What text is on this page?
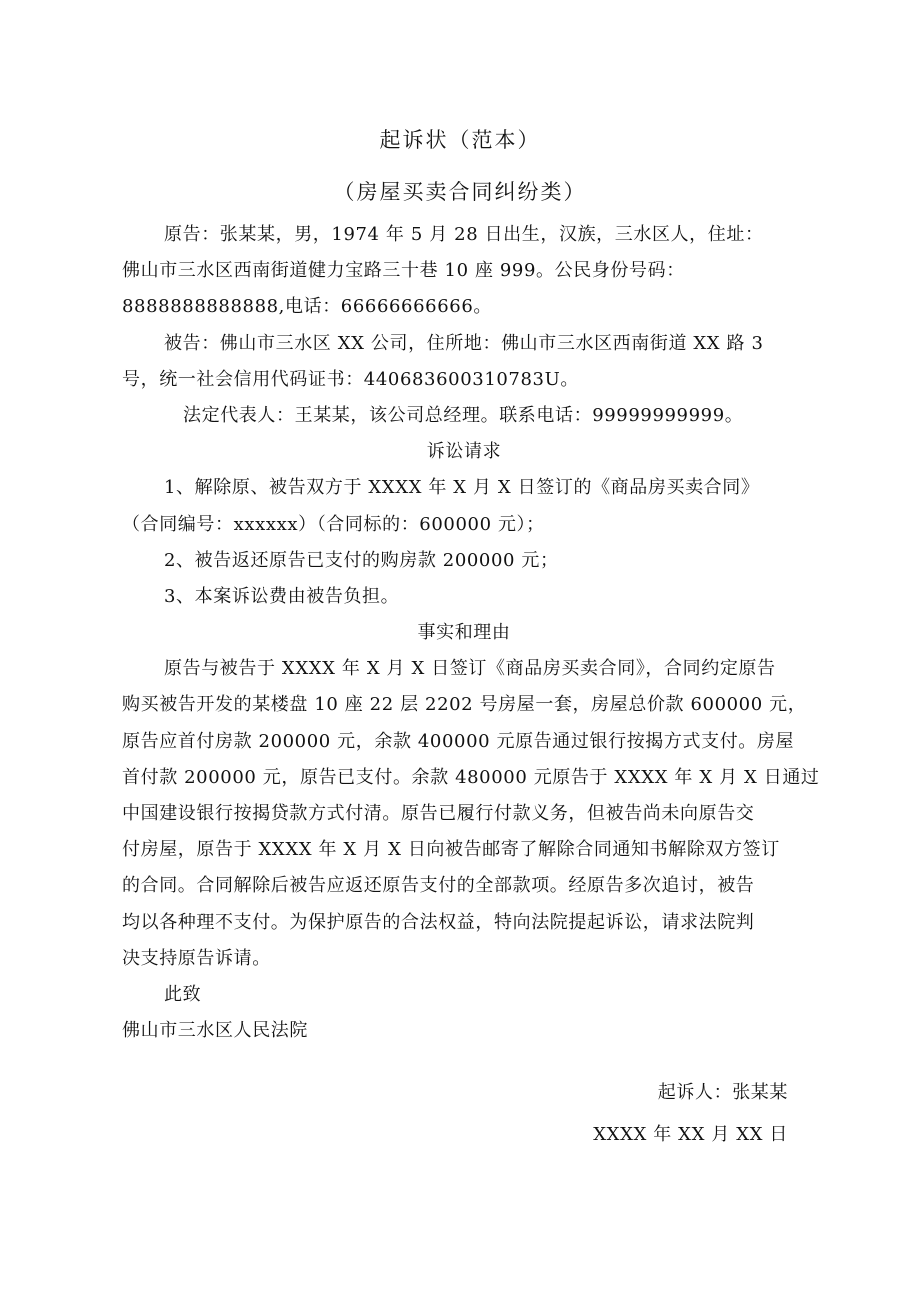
起诉状（范本）
（房屋买卖合同纠纷类）
原告：张某某，男，1974 年 5 月 28 日出生，汉族，三水区人，住址：
佛山市三水区西南街道健力宝路三十巷 10 座 999。公民身份号码：
8888888888888,电话：66666666666。
被告：佛山市三水区 XX 公司，住所地：佛山市三水区西南街道 XX 路 3
号，统一社会信用代码证书：440683600310783U。
法定代表人：王某某，该公司总经理。联系电话：99999999999。
诉讼请求
1、解除原、被告双方于 XXXX 年 X 月 X 日签订的《商品房买卖合同》
（合同编号：xxxxxx）（合同标的：600000 元）；
2、被告返还原告已支付的购房款 200000 元；
3、本案诉讼费由被告负担。
事实和理由
原告与被告于 XXXX 年 X 月 X 日签订《商品房买卖合同》，合同约定原告
购买被告开发的某楼盘 10 座 22 层 2202 号房屋一套，房屋总价款 600000 元，
原告应首付房款 200000 元，余款 400000 元原告通过银行按揭方式支付。房屋
首付款 200000 元，原告已支付。余款 480000 元原告于 XXXX 年 X 月 X 日通过
中国建设银行按揭贷款方式付清。原告已履行付款义务，但被告尚未向原告交
付房屋，原告于 XXXX 年 X 月 X 日向被告邮寄了解除合同通知书解除双方签订
的合同。合同解除后被告应返还原告支付的全部款项。经原告多次追讨，被告
均以各种理不支付。为保护原告的合法权益，特向法院提起诉讼，请求法院判
决支持原告诉请。
此致
佛山市三水区人民法院
起诉人：张某某
XXXX 年 XX 月 XX 日
